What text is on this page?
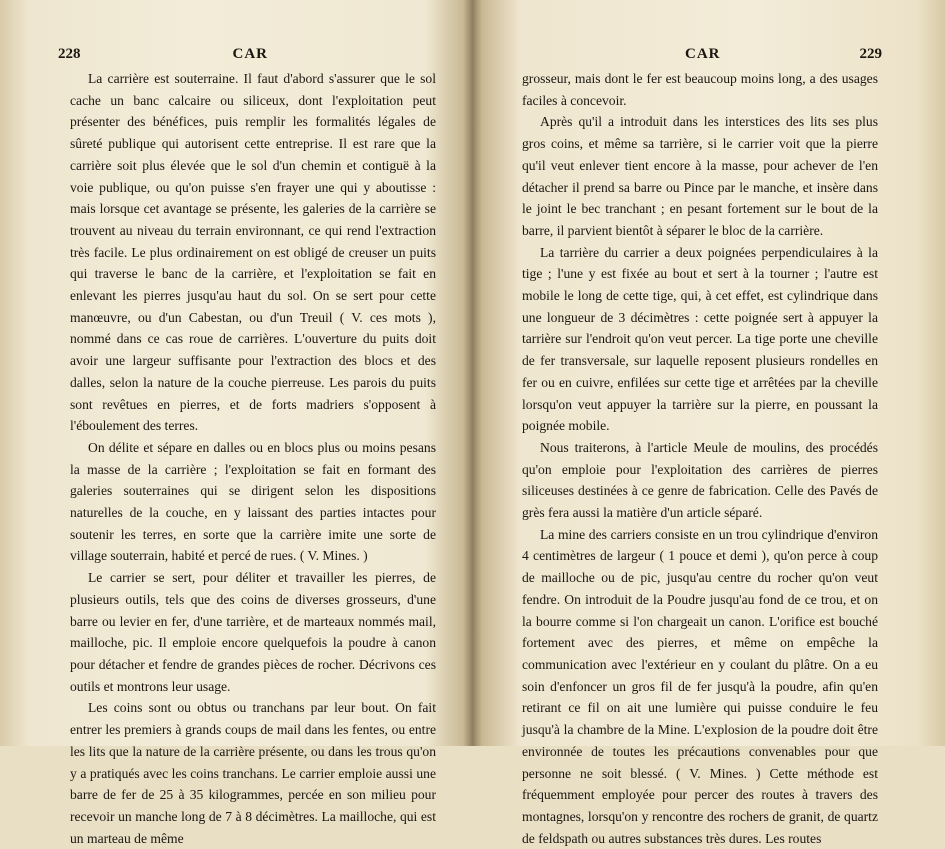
228	CAR

La carrière est souterraine. Il faut d'abord s'assurer que le sol cache un banc calcaire ou siliceux, dont l'exploitation peut présenter des bénéfices, puis remplir les formalités légales de sûreté publique qui autorisent cette entreprise. Il est rare que la carrière soit plus élevée que le sol d'un chemin et contiguë à la voie publique, ou qu'on puisse s'en frayer une qui y aboutisse : mais lorsque cet avantage se présente, les galeries de la carrière se trouvent au niveau du terrain environnant, ce qui rend l'extraction très facile. Le plus ordinairement on est obligé de creuser un puits qui traverse le banc de la carrière, et l'exploitation se fait en enlevant les pierres jusqu'au haut du sol. On se sert pour cette manœuvre, ou d'un Cabestan, ou d'un Treuil ( V. ces mots ), nommé dans ce cas roue de carrières. L'ouverture du puits doit avoir une largeur suffisante pour l'extraction des blocs et des dalles, selon la nature de la couche pierreuse. Les parois du puits sont revêtues en pierres, et de forts madriers s'opposent à l'éboulement des terres.

On délite et sépare en dalles ou en blocs plus ou moins pesans la masse de la carrière ; l'exploitation se fait en formant des galeries souterraines qui se dirigent selon les dispositions naturelles de la couche, en y laissant des parties intactes pour soutenir les terres, en sorte que la carrière imite une sorte de village souterrain, habité et percé de rues. ( V. Mines. )

Le carrier se sert, pour déliter et travailler les pierres, de plusieurs outils, tels que des coins de diverses grosseurs, d'une barre ou levier en fer, d'une tarrière, et de marteaux nommés mail, mailloche, pic. Il emploie encore quelquefois la poudre à canon pour détacher et fendre de grandes pièces de rocher. Décrivons ces outils et montrons leur usage.

Les coins sont ou obtus ou tranchans par leur bout. On fait entrer les premiers à grands coups de mail dans les fentes, ou entre les lits que la nature de la carrière présente, ou dans les trous qu'on y a pratiqués avec les coins tranchans. Le carrier emploie aussi une barre de fer de 25 à 35 kilogrammes, percée en son milieu pour recevoir un manche long de 7 à 8 décimètres. La mailloche, qui est un marteau de même

CAR	229

grosseur, mais dont le fer est beaucoup moins long, a des usages faciles à concevoir.

Après qu'il a introduit dans les interstices des lits ses plus gros coins, et même sa tarrière, si le carrier voit que la pierre qu'il veut enlever tient encore à la masse, pour achever de l'en détacher il prend sa barre ou Pince par le manche, et insère dans le joint le bec tranchant ; en pesant fortement sur le bout de la barre, il parvient bientôt à séparer le bloc de la carrière.

La tarrière du carrier a deux poignées perpendiculaires à la tige ; l'une y est fixée au bout et sert à la tourner ; l'autre est mobile le long de cette tige, qui, à cet effet, est cylindrique dans une longueur de 3 décimètres : cette poignée sert à appuyer la tarrière sur l'endroit qu'on veut percer. La tige porte une cheville de fer transversale, sur laquelle reposent plusieurs rondelles en fer ou en cuivre, enfilées sur cette tige et arrêtées par la cheville lorsqu'on veut appuyer la tarrière sur la pierre, en poussant la poignée mobile.

Nous traiterons, à l'article Meule de moulins, des procédés qu'on emploie pour l'exploitation des carrières de pierres siliceuses destinées à ce genre de fabrication. Celle des Pavés de grès fera aussi la matière d'un article séparé.

La mine des carriers consiste en un trou cylindrique d'environ 4 centimètres de largeur ( 1 pouce et demi ), qu'on perce à coup de mailloche ou de pic, jusqu'au centre du rocher qu'on veut fendre. On introduit de la Poudre jusqu'au fond de ce trou, et on la bourre comme si l'on chargeait un canon. L'orifice est bouché fortement avec des pierres, et même on empêche la communication avec l'extérieur en y coulant du plâtre. On a eu soin d'enfoncer un gros fil de fer jusqu'à la poudre, afin qu'en retirant ce fil on ait une lumière qui puisse conduire le feu jusqu'à la chambre de la Mine. L'explosion de la poudre doit être environnée de toutes les précautions convenables pour que personne ne soit blessé. ( V. Mines. ) Cette méthode est fréquemment employée pour percer des routes à travers des montagnes, lorsqu'on y rencontre des rochers de granit, de quartz de feldspath ou autres substances très dures. Les routes
